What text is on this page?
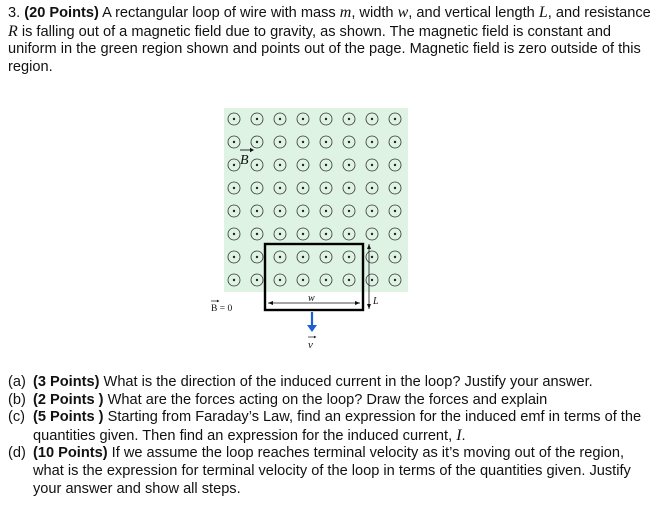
3. (20 Points) A rectangular loop of wire with mass m, width w, and vertical length L, and resistance R is falling out of a magnetic field due to gravity, as shown. The magnetic field is constant and uniform in the green region shown and points out of the page. Magnetic field is zero outside of this region.
B
w	L
B = 0
v
(a) (3 Points) What is the direction of the induced current in the loop? Justify your answer.
(b) (2 Points ) What are the forces acting on the loop? Draw the forces and explain
(c) (5 Points ) Starting from Faraday’s Law, find an expression for the induced emf in terms of the quantities given. Then find an expression for the induced current, I.
(d) (10 Points) If we assume the loop reaches terminal velocity as it’s moving out of the region, what is the expression for terminal velocity of the loop in terms of the quantities given. Justify your answer and show all steps.
